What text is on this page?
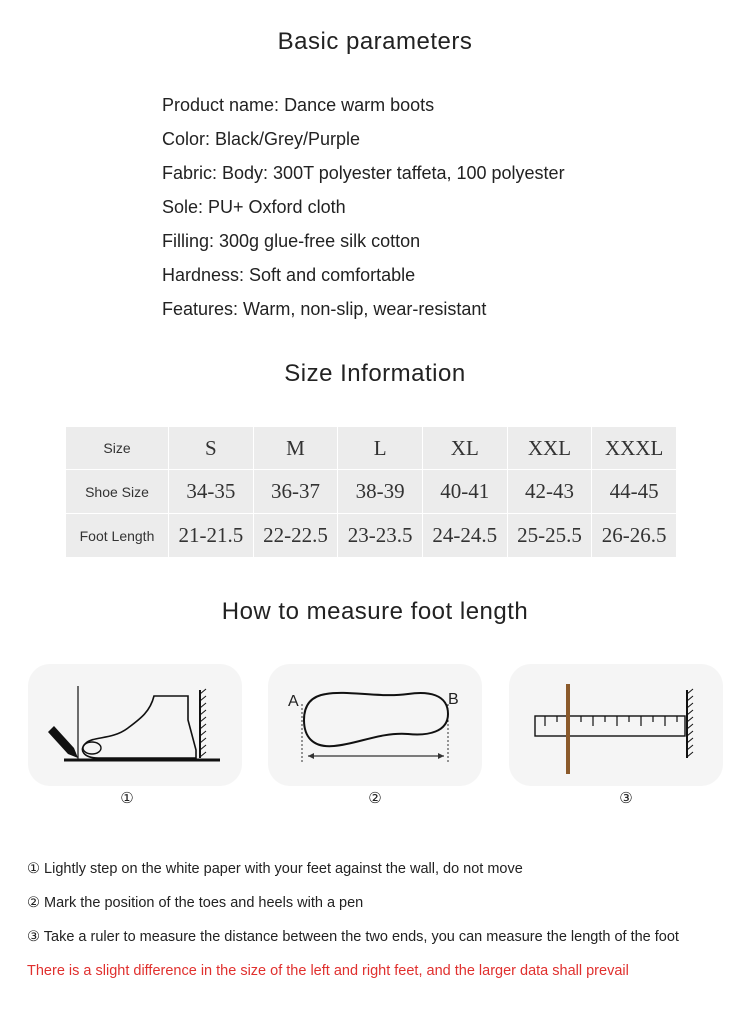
Basic parameters
Product name: Dance warm boots
Color: Black/Grey/Purple
Fabric: Body: 300T polyester taffeta, 100 polyester
Sole: PU+ Oxford cloth
Filling: 300g glue-free silk cotton
Hardness: Soft and comfortable
Features: Warm, non-slip, wear-resistant
Size Information
Size	S	M	L	XL	XXL	XXXL
Shoe Size	34-35	36-37	38-39	40-41	42-43	44-45
Foot Length	21-21.5	22-22.5	23-23.5	24-24.5	25-25.5	26-26.5
How to measure foot length
A	B
①	②	③
① Lightly step on the white paper with your feet against the wall, do not move
② Mark the position of the toes and heels with a pen
③ Take a ruler to measure the distance between the two ends, you can measure the length of the foot
There is a slight difference in the size of the left and right feet, and the larger data shall prevail
